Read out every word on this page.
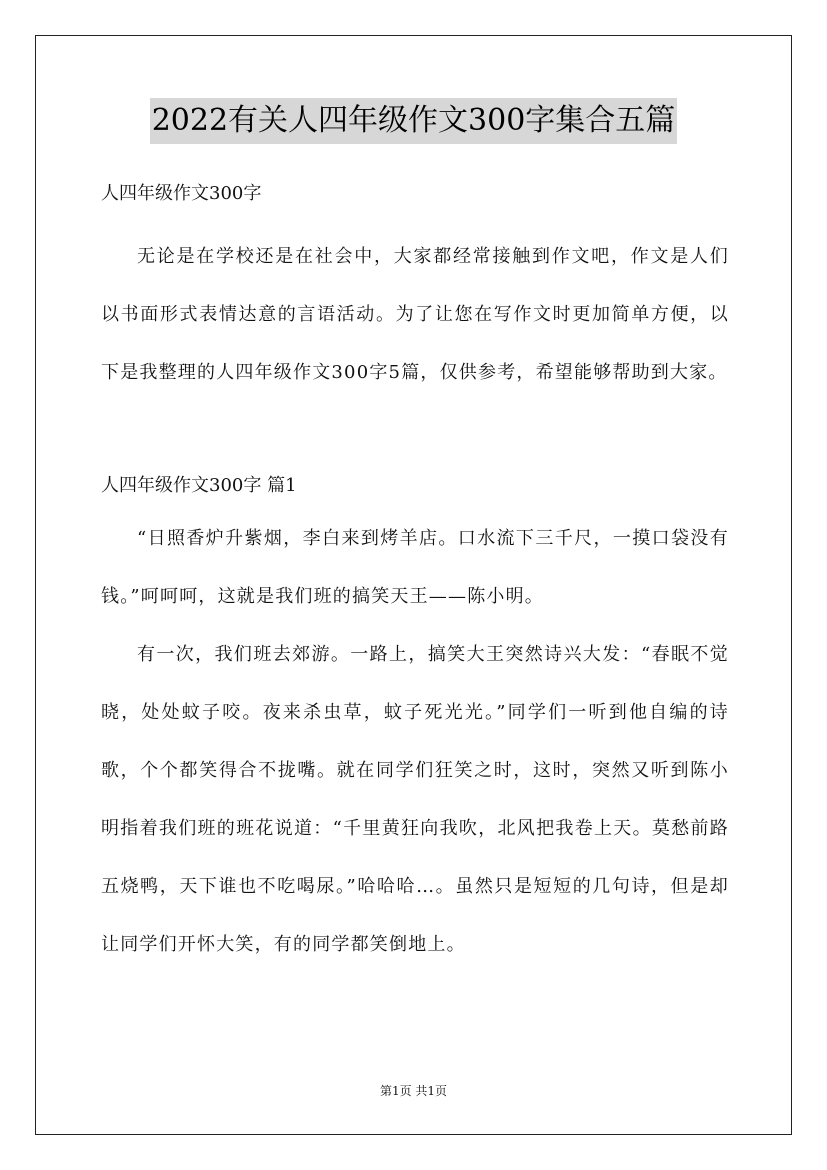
2022有关人四年级作文300字集合五篇

人四年级作文300字

无论是在学校还是在社会中，大家都经常接触到作文吧，作文是人们以书面形式表情达意的言语活动。为了让您在写作文时更加简单方便，以下是我整理的人四年级作文300字5篇，仅供参考，希望能够帮助到大家。

人四年级作文300字 篇1

“日照香炉升紫烟，李白来到烤羊店。口水流下三千尺，一摸口袋没有钱。”呵呵呵，这就是我们班的搞笑天王——陈小明。

有一次，我们班去郊游。一路上，搞笑大王突然诗兴大发：“春眠不觉晓，处处蚊子咬。夜来杀虫草，蚊子死光光。”同学们一听到他自编的诗歌，个个都笑得合不拢嘴。就在同学们狂笑之时，这时，突然又听到陈小明指着我们班的班花说道：“千里黄狂向我吹，北风把我卷上天。莫愁前路五烧鸭，天下谁也不吃喝尿。”哈哈哈…。虽然只是短短的几句诗，但是却让同学们开怀大笑，有的同学都笑倒地上。

第1页 共1页
